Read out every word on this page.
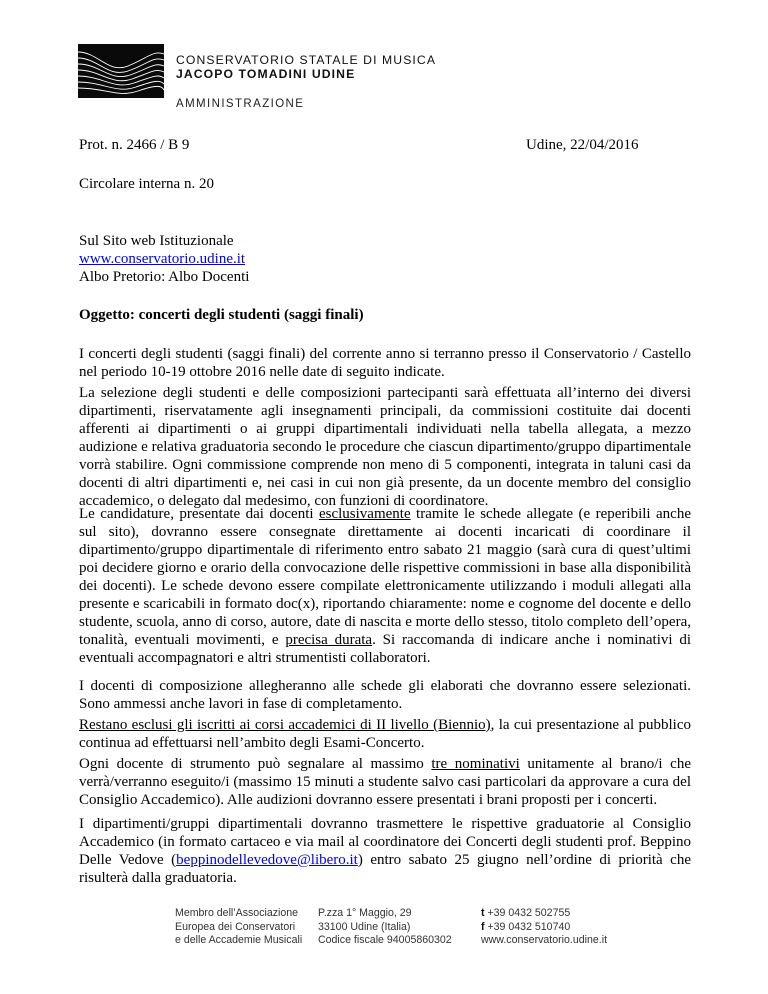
CONSERVATORIO STATALE DI MUSICA
JACOPO TOMADINI UDINE
AMMINISTRAZIONE
Prot. n. 2466 / B 9	Udine, 22/04/2016
Circolare interna n. 20
Sul Sito web Istituzionale
www.conservatorio.udine.it
Albo Pretorio: Albo Docenti
Oggetto: concerti degli studenti (saggi finali)
I concerti degli studenti (saggi finali) del corrente anno si terranno presso il Conservatorio / Castello nel periodo 10-19 ottobre 2016 nelle date di seguito indicate.
La selezione degli studenti e delle composizioni partecipanti sarà effettuata all’interno dei diversi dipartimenti, riservatamente agli insegnamenti principali, da commissioni costituite dai docenti afferenti ai dipartimenti o ai gruppi dipartimentali individuati nella tabella allegata, a mezzo audizione e relativa graduatoria secondo le procedure che ciascun dipartimento/gruppo dipartimentale vorrà stabilire. Ogni commissione comprende non meno di 5 componenti, integrata in taluni casi da docenti di altri dipartimenti e, nei casi in cui non già presente, da un docente membro del consiglio accademico, o delegato dal medesimo, con funzioni di coordinatore.
Le candidature, presentate dai docenti esclusivamente tramite le schede allegate (e reperibili anche sul sito), dovranno essere consegnate direttamente ai docenti incaricati di coordinare il dipartimento/gruppo dipartimentale di riferimento entro sabato 21 maggio (sarà cura di quest’ultimi poi decidere giorno e orario della convocazione delle rispettive commissioni in base alla disponibilità dei docenti). Le schede devono essere compilate elettronicamente utilizzando i moduli allegati alla presente e scaricabili in formato doc(x), riportando chiaramente: nome e cognome del docente e dello studente, scuola, anno di corso, autore, date di nascita e morte dello stesso, titolo completo dell’opera, tonalità, eventuali movimenti, e precisa durata. Si raccomanda di indicare anche i nominativi di eventuali accompagnatori e altri strumentisti collaboratori.
I docenti di composizione allegheranno alle schede gli elaborati che dovranno essere selezionati. Sono ammessi anche lavori in fase di completamento.
Restano esclusi gli iscritti ai corsi accademici di II livello (Biennio), la cui presentazione al pubblico continua ad effettuarsi nell’ambito degli Esami-Concerto.
Ogni docente di strumento può segnalare al massimo tre nominativi unitamente al brano/i che verrà/verranno eseguito/i (massimo 15 minuti a studente salvo casi particolari da approvare a cura del Consiglio Accademico). Alle audizioni dovranno essere presentati i brani proposti per i concerti.
I dipartimenti/gruppi dipartimentali dovranno trasmettere le rispettive graduatorie al Consiglio Accademico (in formato cartaceo e via mail al coordinatore dei Concerti degli studenti prof. Beppino Delle Vedove (beppinodellevedove@libero.it) entro sabato 25 giugno nell’ordine di priorità che risulterà dalla graduatoria.
Membro dell’Associazione
Europea dei Conservatori
e delle Accademie Musicali
P.zza 1° Maggio, 29
33100 Udine (Italia)
Codice fiscale 94005860302
t +39 0432 502755
f +39 0432 510740
www.conservatorio.udine.it
